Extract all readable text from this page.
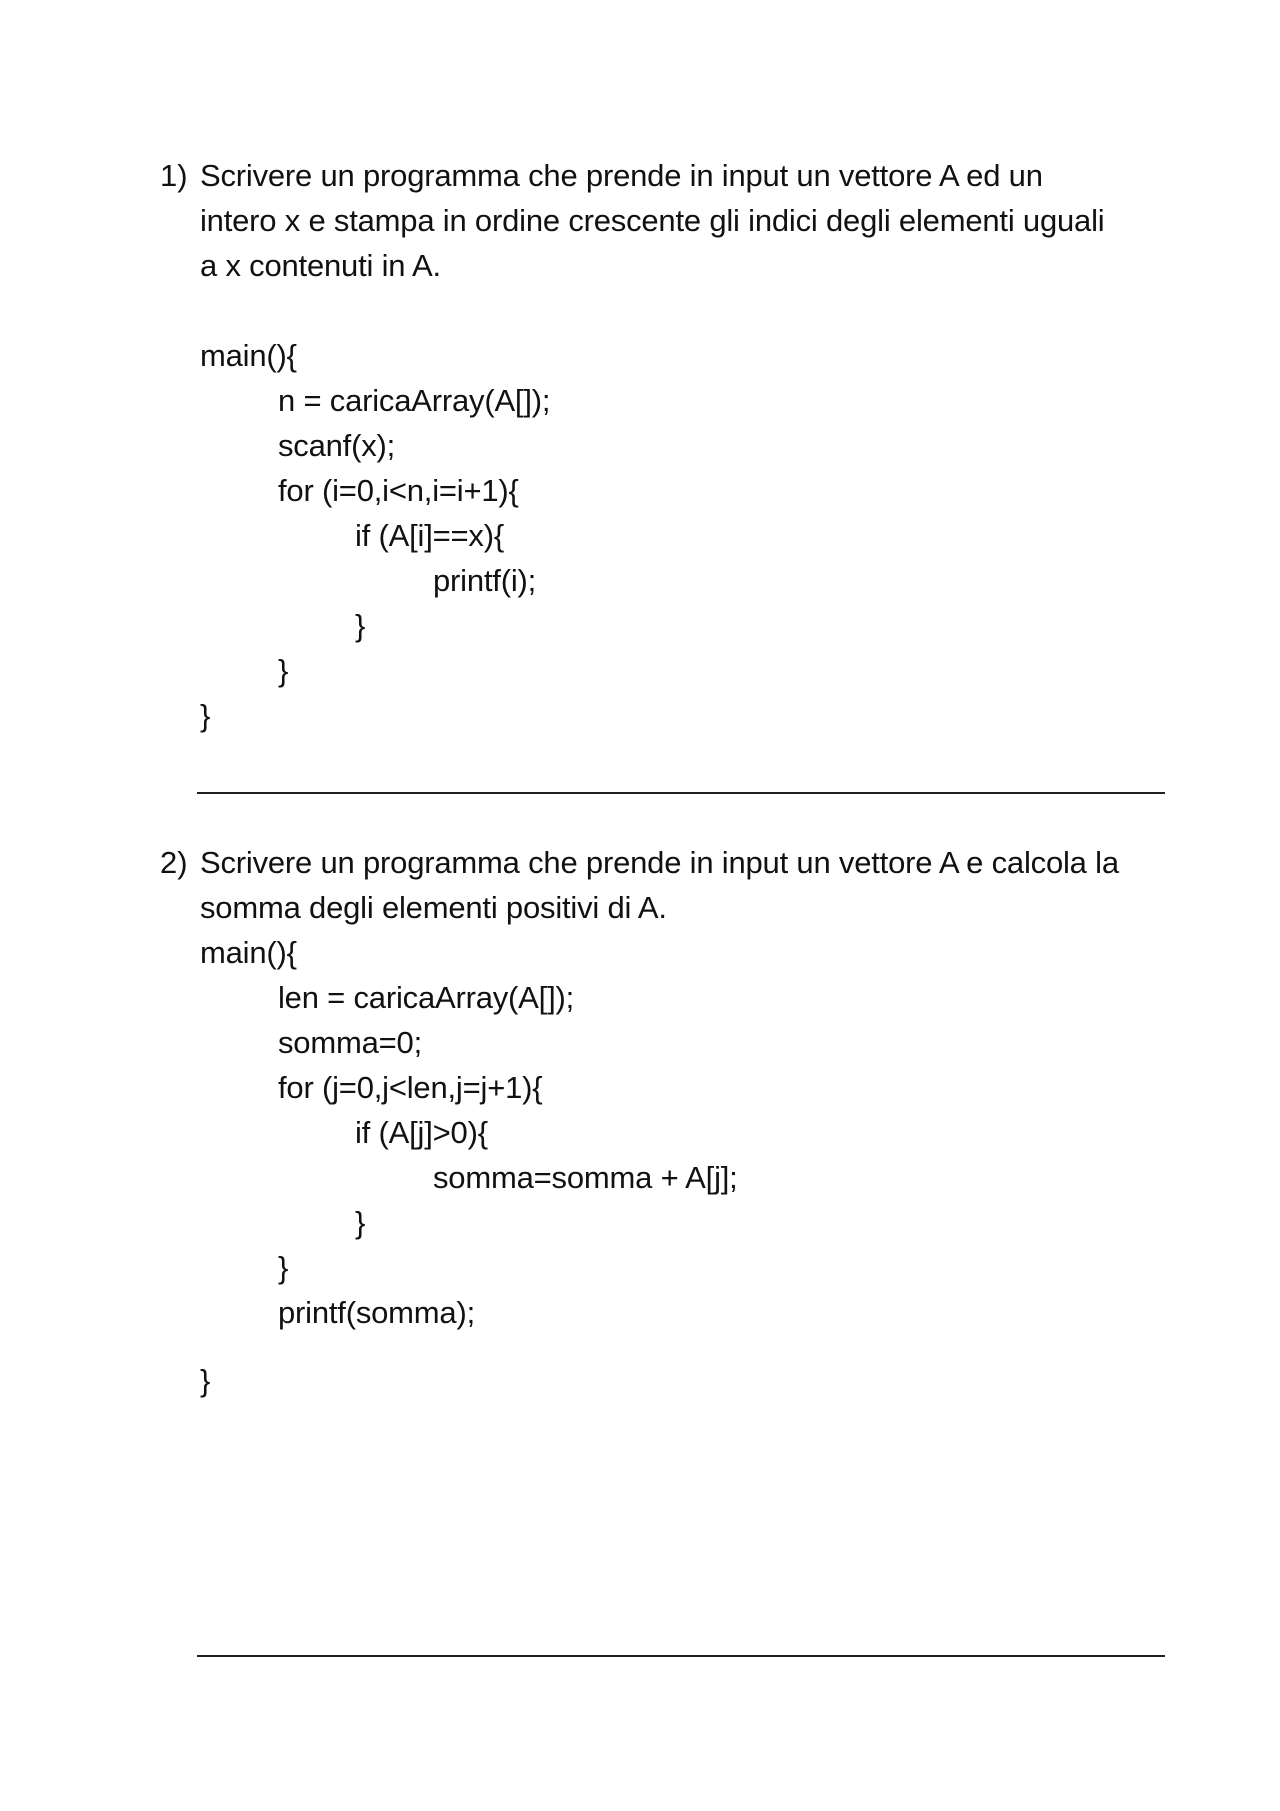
1) Scrivere un programma che prende in input un vettore A ed un
intero x e stampa in ordine crescente gli indici degli elementi uguali
a x contenuti in A.
main(){
n = caricaArray(A[]);
scanf(x);
for (i=0,i<n,i=i+1){
if (A[i]==x){
printf(i);
}
}
}
2) Scrivere un programma che prende in input un vettore A e calcola la
somma degli elementi positivi di A.
main(){
len = caricaArray(A[]);
somma=0;
for (j=0,j<len,j=j+1){
if (A[j]>0){
somma=somma + A[j];
}
}
printf(somma);
}
